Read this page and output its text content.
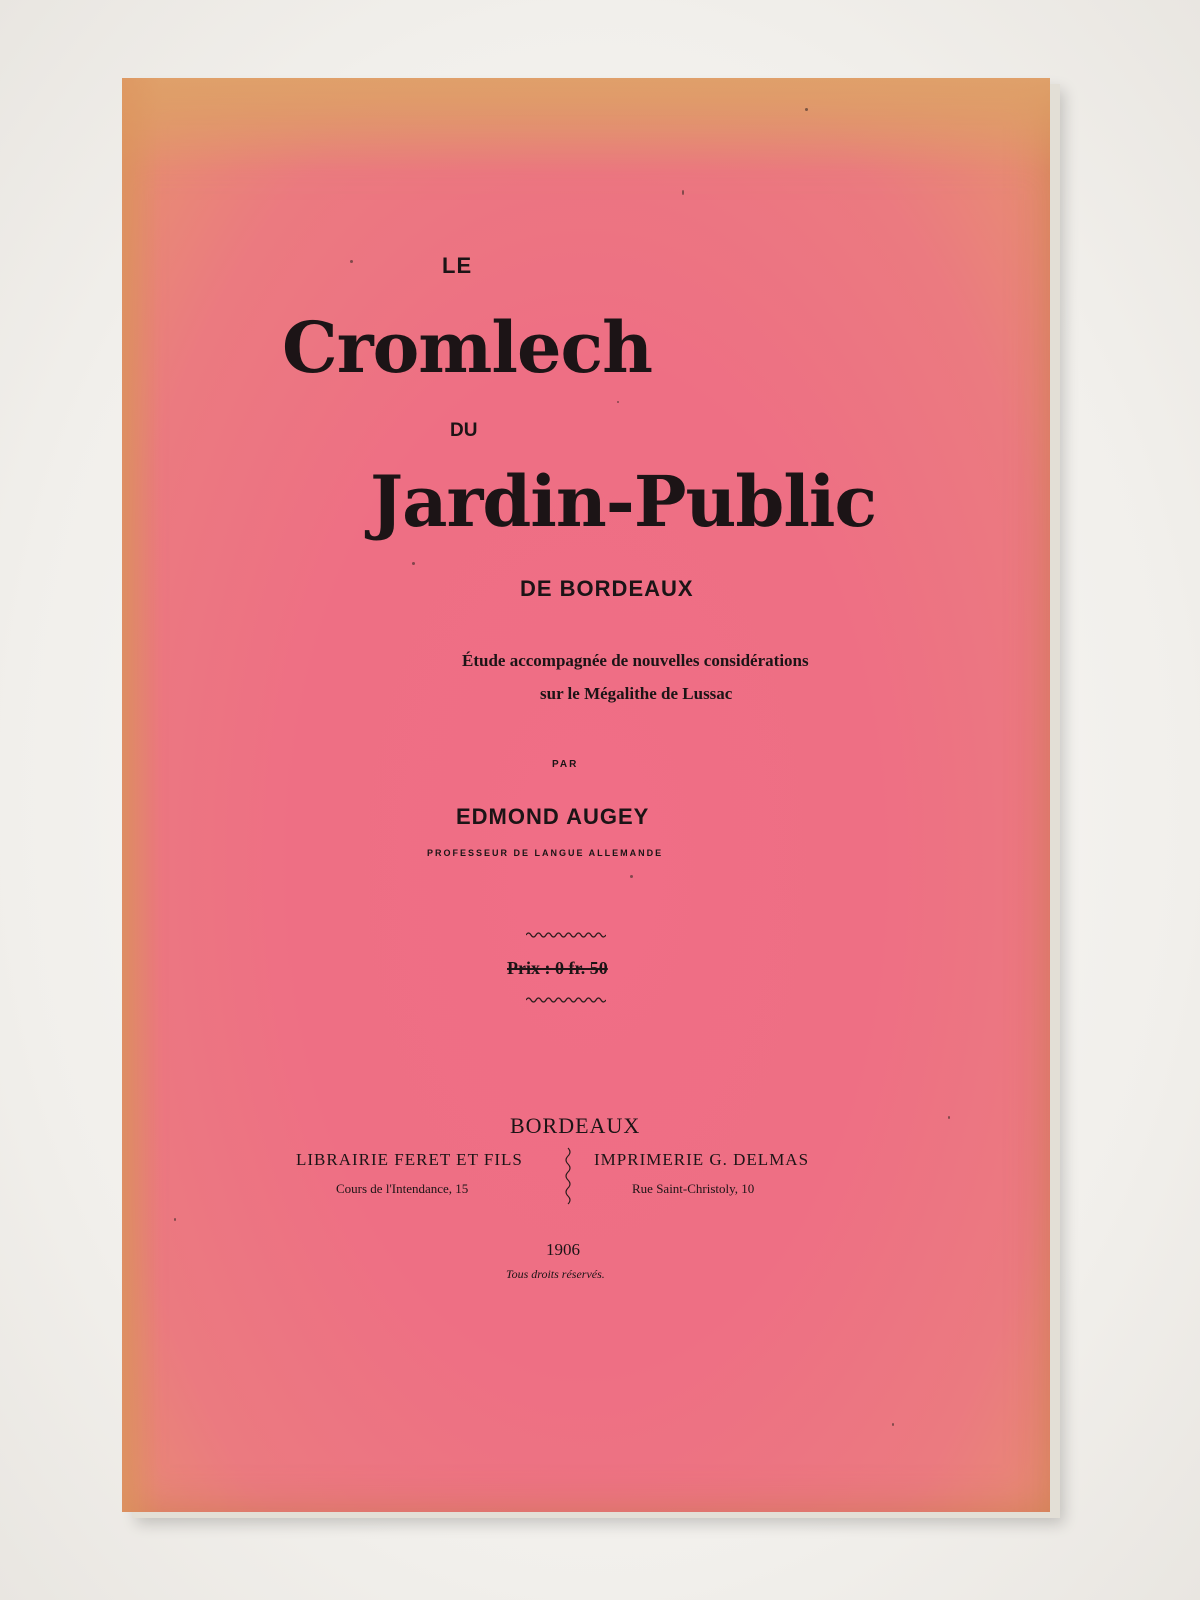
LE
Cromlech
DU
Jardin-Public
DE BORDEAUX
Étude accompagnée de nouvelles considérations
sur le Mégalithe de Lussac
PAR
EDMOND AUGEY
PROFESSEUR DE LANGUE ALLEMANDE
Prix : 0 fr. 50
BORDEAUX
LIBRAIRIE FERET ET FILS
Cours de l'Intendance, 15
IMPRIMERIE G. DELMAS
Rue Saint-Christoly, 10
1906
Tous droits réservés.
